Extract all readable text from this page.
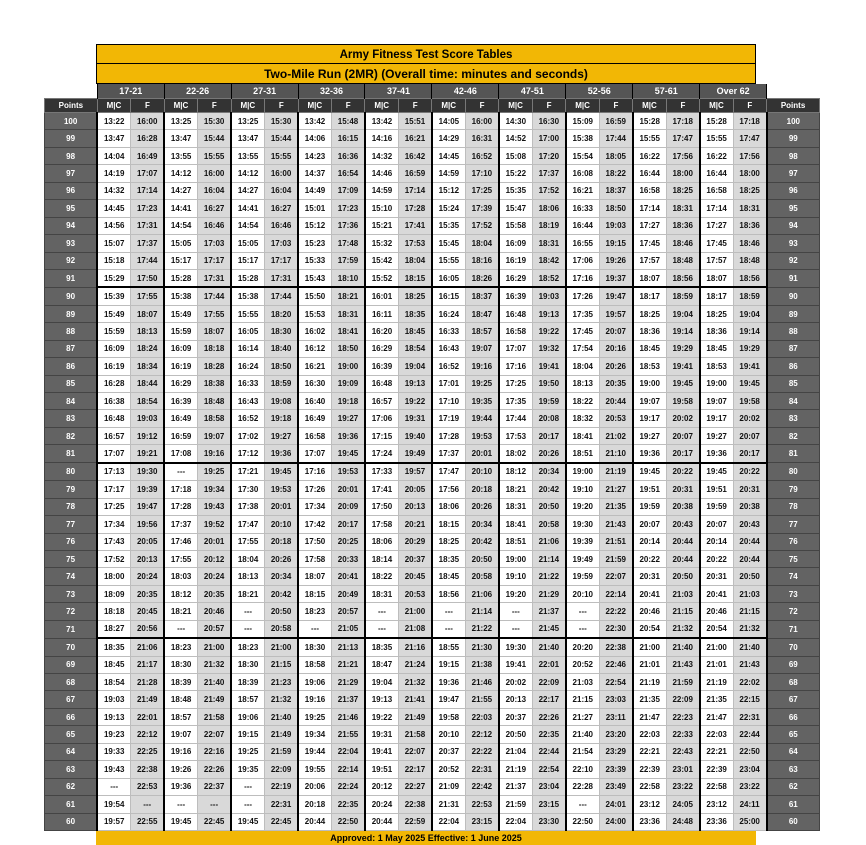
Army Fitness Test Score Tables
Two-Mile Run (2MR) (Overall time: minutes and seconds)
	17-21		22-26		27-31		32-36		37-41		42-46		47-51		52-56		57-61		Over 62		
Points	M|C	F	M|C	F	M|C	F	M|C	F	M|C	F	M|C	F	M|C	F	M|C	F	M|C	F	M|C	F	Points
100	13:22	16:00	13:25	15:30	13:25	15:30	13:42	15:48	13:42	15:51	14:05	16:00	14:30	16:30	15:09	16:59	15:28	17:18	15:28	17:18	100
99	13:47	16:28	13:47	15:44	13:47	15:44	14:06	16:15	14:16	16:21	14:29	16:31	14:52	17:00	15:38	17:44	15:55	17:47	15:55	17:47	99
98	14:04	16:49	13:55	15:55	13:55	15:55	14:23	16:36	14:32	16:42	14:45	16:52	15:08	17:20	15:54	18:05	16:22	17:56	16:22	17:56	98
97	14:19	17:07	14:12	16:00	14:12	16:00	14:37	16:54	14:46	16:59	14:59	17:10	15:22	17:37	16:08	18:22	16:44	18:00	16:44	18:00	97
96	14:32	17:14	14:27	16:04	14:27	16:04	14:49	17:09	14:59	17:14	15:12	17:25	15:35	17:52	16:21	18:37	16:58	18:25	16:58	18:25	96
95	14:45	17:23	14:41	16:27	14:41	16:27	15:01	17:23	15:10	17:28	15:24	17:39	15:47	18:06	16:33	18:50	17:14	18:31	17:14	18:31	95
94	14:56	17:31	14:54	16:46	14:54	16:46	15:12	17:36	15:21	17:41	15:35	17:52	15:58	18:19	16:44	19:03	17:27	18:36	17:27	18:36	94
93	15:07	17:37	15:05	17:03	15:05	17:03	15:23	17:48	15:32	17:53	15:45	18:04	16:09	18:31	16:55	19:15	17:45	18:46	17:45	18:46	93
92	15:18	17:44	15:17	17:17	15:17	17:17	15:33	17:59	15:42	18:04	15:55	18:16	16:19	18:42	17:06	19:26	17:57	18:48	17:57	18:48	92
91	15:29	17:50	15:28	17:31	15:28	17:31	15:43	18:10	15:52	18:15	16:05	18:26	16:29	18:52	17:16	19:37	18:07	18:56	18:07	18:56	91
90	15:39	17:55	15:38	17:44	15:38	17:44	15:50	18:21	16:01	18:25	16:15	18:37	16:39	19:03	17:26	19:47	18:17	18:59	18:17	18:59	90
89	15:49	18:07	15:49	17:55	15:55	18:20	15:53	18:31	16:11	18:35	16:24	18:47	16:48	19:13	17:35	19:57	18:25	19:04	18:25	19:04	89
88	15:59	18:13	15:59	18:07	16:05	18:30	16:02	18:41	16:20	18:45	16:33	18:57	16:58	19:22	17:45	20:07	18:36	19:14	18:36	19:14	88
87	16:09	18:24	16:09	18:18	16:14	18:40	16:12	18:50	16:29	18:54	16:43	19:07	17:07	19:32	17:54	20:16	18:45	19:29	18:45	19:29	87
86	16:19	18:34	16:19	18:28	16:24	18:50	16:21	19:00	16:39	19:04	16:52	19:16	17:16	19:41	18:04	20:26	18:53	19:41	18:53	19:41	86
85	16:28	18:44	16:29	18:38	16:33	18:59	16:30	19:09	16:48	19:13	17:01	19:25	17:25	19:50	18:13	20:35	19:00	19:45	19:00	19:45	85
84	16:38	18:54	16:39	18:48	16:43	19:08	16:40	19:18	16:57	19:22	17:10	19:35	17:35	19:59	18:22	20:44	19:07	19:58	19:07	19:58	84
83	16:48	19:03	16:49	18:58	16:52	19:18	16:49	19:27	17:06	19:31	17:19	19:44	17:44	20:08	18:32	20:53	19:17	20:02	19:17	20:02	83
82	16:57	19:12	16:59	19:07	17:02	19:27	16:58	19:36	17:15	19:40	17:28	19:53	17:53	20:17	18:41	21:02	19:27	20:07	19:27	20:07	82
81	17:07	19:21	17:08	19:16	17:12	19:36	17:07	19:45	17:24	19:49	17:37	20:01	18:02	20:26	18:51	21:10	19:36	20:17	19:36	20:17	81
80	17:13	19:30	---	19:25	17:21	19:45	17:16	19:53	17:33	19:57	17:47	20:10	18:12	20:34	19:00	21:19	19:45	20:22	19:45	20:22	80
79	17:17	19:39	17:18	19:34	17:30	19:53	17:26	20:01	17:41	20:05	17:56	20:18	18:21	20:42	19:10	21:27	19:51	20:31	19:51	20:31	79
78	17:25	19:47	17:28	19:43	17:38	20:01	17:34	20:09	17:50	20:13	18:06	20:26	18:31	20:50	19:20	21:35	19:59	20:38	19:59	20:38	78
77	17:34	19:56	17:37	19:52	17:47	20:10	17:42	20:17	17:58	20:21	18:15	20:34	18:41	20:58	19:30	21:43	20:07	20:43	20:07	20:43	77
76	17:43	20:05	17:46	20:01	17:55	20:18	17:50	20:25	18:06	20:29	18:25	20:42	18:51	21:06	19:39	21:51	20:14	20:44	20:14	20:44	76
75	17:52	20:13	17:55	20:12	18:04	20:26	17:58	20:33	18:14	20:37	18:35	20:50	19:00	21:14	19:49	21:59	20:22	20:44	20:22	20:44	75
74	18:00	20:24	18:03	20:24	18:13	20:34	18:07	20:41	18:22	20:45	18:45	20:58	19:10	21:22	19:59	22:07	20:31	20:50	20:31	20:50	74
73	18:09	20:35	18:12	20:35	18:21	20:42	18:15	20:49	18:31	20:53	18:56	21:06	19:20	21:29	20:10	22:14	20:41	21:03	20:41	21:03	73
72	18:18	20:45	18:21	20:46	---	20:50	18:23	20:57	---	21:00	---	21:14	---	21:37	---	22:22	20:46	21:15	20:46	21:15	72
71	18:27	20:56	---	20:57	---	20:58	---	21:05	---	21:08	---	21:22	---	21:45	---	22:30	20:54	21:32	20:54	21:32	71
70	18:35	21:06	18:23	21:00	18:23	21:00	18:30	21:13	18:35	21:16	18:55	21:30	19:30	21:40	20:20	22:38	21:00	21:40	21:00	21:40	70
69	18:45	21:17	18:30	21:32	18:30	21:15	18:58	21:21	18:47	21:24	19:15	21:38	19:41	22:01	20:52	22:46	21:01	21:43	21:01	21:43	69
68	18:54	21:28	18:39	21:40	18:39	21:23	19:06	21:29	19:04	21:32	19:36	21:46	20:02	22:09	21:03	22:54	21:19	21:59	21:19	22:02	68
67	19:03	21:49	18:48	21:49	18:57	21:32	19:16	21:37	19:13	21:41	19:47	21:55	20:13	22:17	21:15	23:03	21:35	22:09	21:35	22:15	67
66	19:13	22:01	18:57	21:58	19:06	21:40	19:25	21:46	19:22	21:49	19:58	22:03	20:37	22:26	21:27	23:11	21:47	22:23	21:47	22:31	66
65	19:23	22:12	19:07	22:07	19:15	21:49	19:34	21:55	19:31	21:58	20:10	22:12	20:50	22:35	21:40	23:20	22:03	22:33	22:03	22:44	65
64	19:33	22:25	19:16	22:16	19:25	21:59	19:44	22:04	19:41	22:07	20:37	22:22	21:04	22:44	21:54	23:29	22:21	22:43	22:21	22:50	64
63	19:43	22:38	19:26	22:26	19:35	22:09	19:55	22:14	19:51	22:17	20:52	22:31	21:19	22:54	22:10	23:39	22:39	23:01	22:39	23:04	63
62	---	22:53	19:36	22:37	---	22:19	20:06	22:24	20:12	22:27	21:09	22:42	21:37	23:04	22:28	23:49	22:58	23:22	22:58	23:22	62
61	19:54	---	---	---	---	22:31	20:18	22:35	20:24	22:38	21:31	22:53	21:59	23:15	---	24:01	23:12	24:05	23:12	24:11	61
60	19:57	22:55	19:45	22:45	19:45	22:45	20:44	22:50	20:44	22:59	22:04	23:15	22:04	23:30	22:50	24:00	23:36	24:48	23:36	25:00	60
Approved: 1 May 2025 Effective: 1 June 2025
